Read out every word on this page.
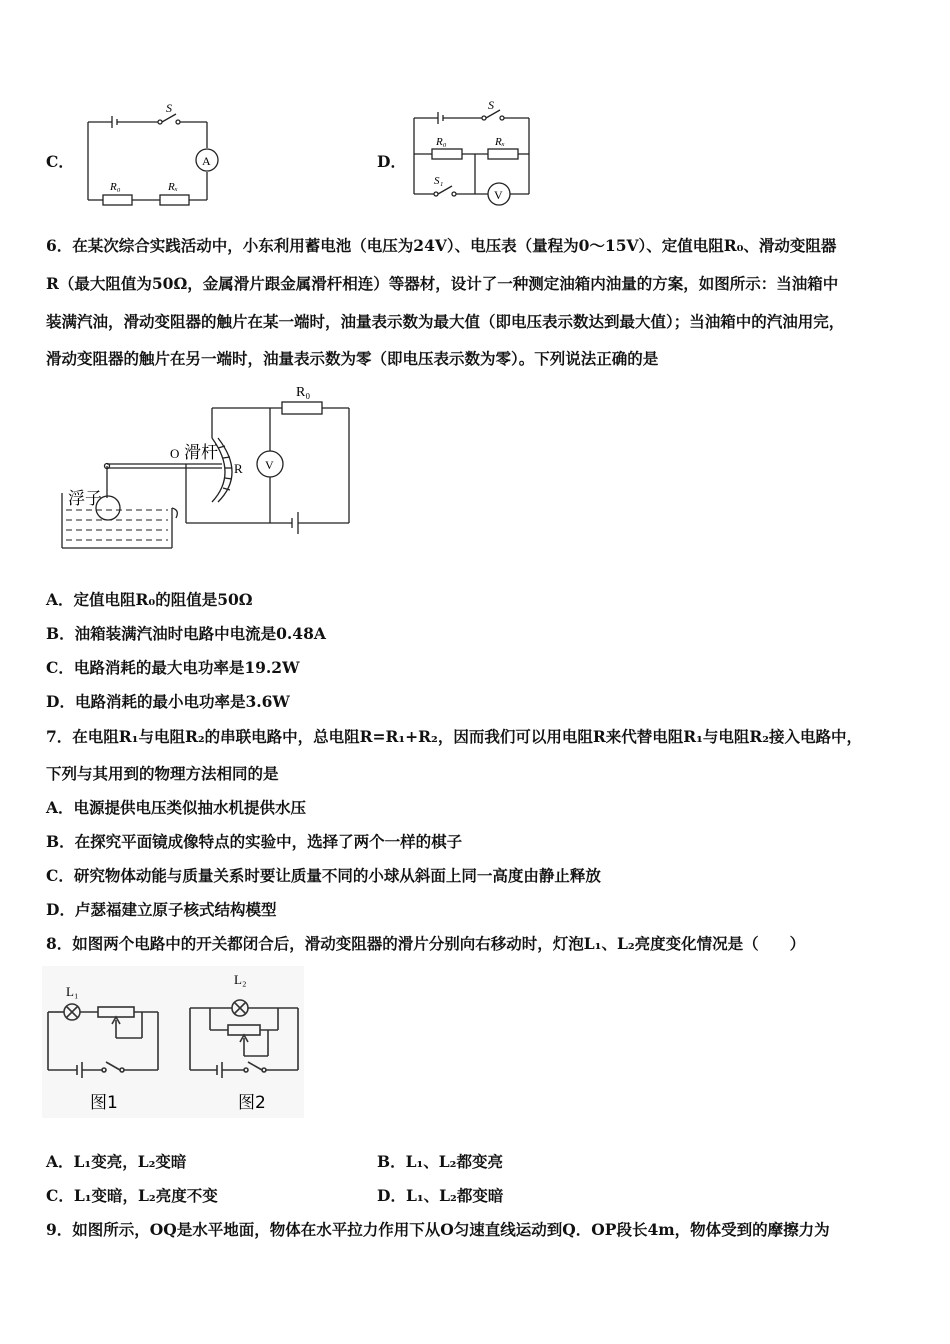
C．
S
A
R₀	Rₓ
D．
S
R₀	Rₓ
S₁
V
6．在某次综合实践活动中，小东利用蓄电池（电压为24V）、电压表（量程为0～15V）、定值电阻R₀、滑动变阻器
R（最大阻值为50Ω，金属滑片跟金属滑杆相连）等器材，设计了一种测定油箱内油量的方案，如图所示：当油箱中
装满汽油，滑动变阻器的触片在某一端时，油量表示数为最大值（即电压表示数达到最大值）；当油箱中的汽油用完，
滑动变阻器的触片在另一端时，油量表示数为零（即电压表示数为零）。下列说法正确的是
R₀
O 滑杆
R V
浮子
A．定值电阻R₀的阻值是50Ω
B．油箱装满汽油时电路中电流是0.48A
C．电路消耗的最大电功率是19.2W
D．电路消耗的最小电功率是3.6W
7．在电阻R₁与电阻R₂的串联电路中，总电阻R=R₁+R₂，因而我们可以用电阻R来代替电阻R₁与电阻R₂接入电路中，
下列与其用到的物理方法相同的是
A．电源提供电压类似抽水机提供水压
B．在探究平面镜成像特点的实验中，选择了两个一样的棋子
C．研究物体动能与质量关系时要让质量不同的小球从斜面上同一高度由静止释放
D．卢瑟福建立原子核式结构模型
8．如图两个电路中的开关都闭合后，滑动变阻器的滑片分别向右移动时，灯泡L₁、L₂亮度变化情况是（　　）
L₁
L₂
图1	图2
A．L₁变亮，L₂变暗	B．L₁、L₂都变亮
C．L₁变暗，L₂亮度不变	D．L₁、L₂都变暗
9．如图所示，OQ是水平地面，物体在水平拉力作用下从O匀速直线运动到Q．OP段长4m，物体受到的摩擦力为
